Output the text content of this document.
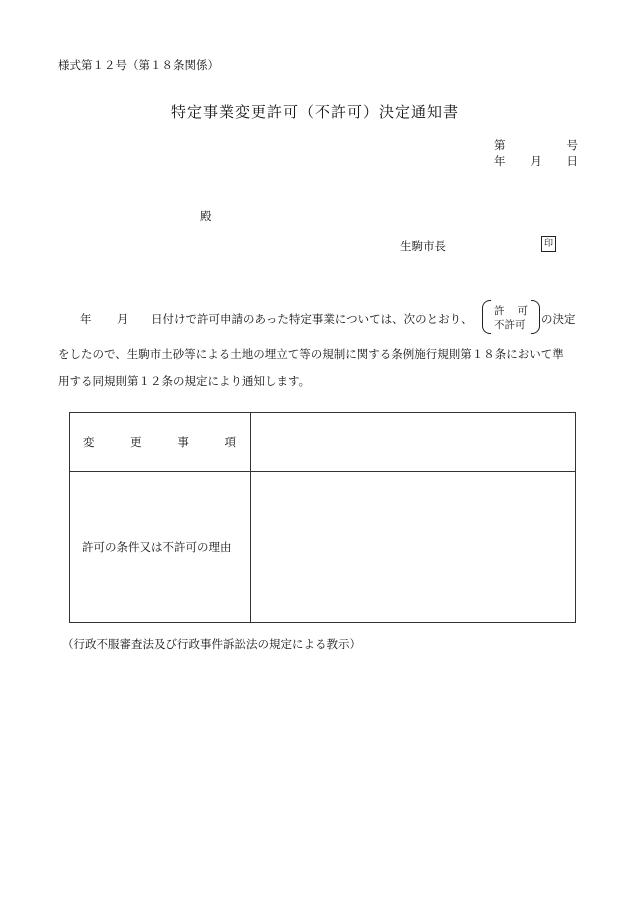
様式第１２号（第１８条関係）
特定事業変更許可（不許可）決定通知書
第	号
年 月 日
殿
生駒市長	印
年 月 日付けで許可申請のあった特定事業については、次のとおり、
許 可
不許可 の決定
をしたので、生駒市土砂等による土地の埋立て等の規制に関する条例施行規則第１８条において準
用する同規則第１２条の規定により通知します。
変 更 事 項	

許可の条件又は不許可の理由	
（行政不服審査法及び行政事件訴訟法の規定による教示）
